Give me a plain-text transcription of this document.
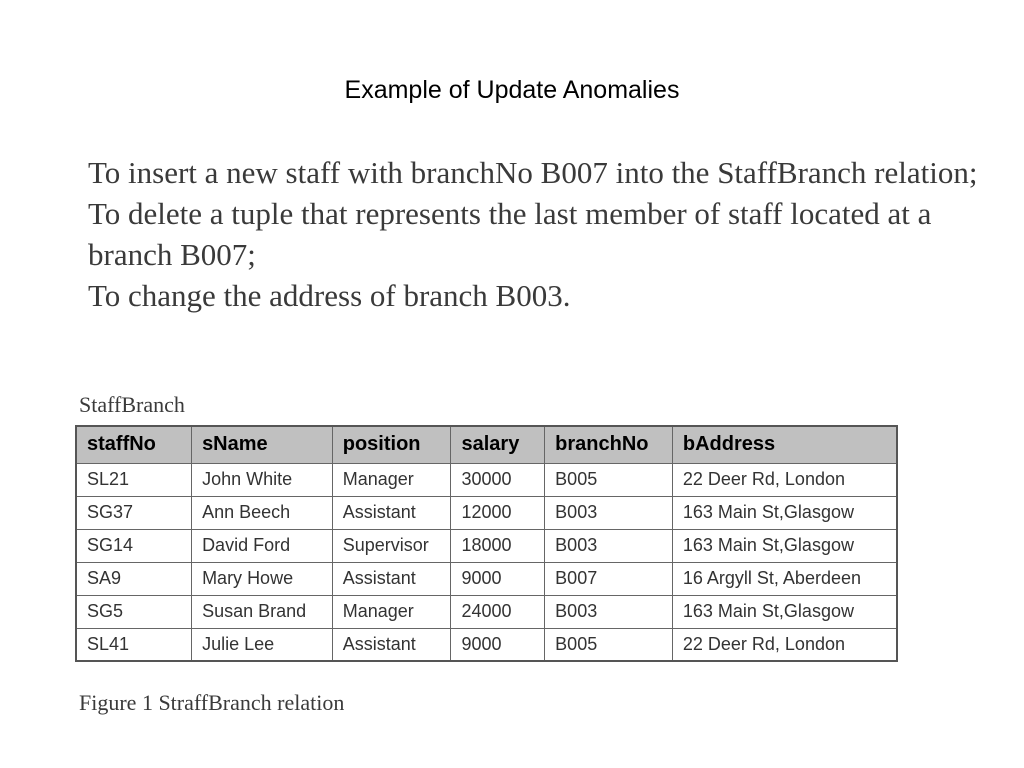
Example of Update Anomalies

To insert a new staff with branchNo B007 into the StaffBranch relation;

To delete a tuple that represents the last member of staff located at a branch B007;

To change the address of branch B003.

StaffBranch
staffNo	sName	position	salary	branchNo	bAddress
SL21	John White	Manager	30000	B005	22 Deer Rd, London
SG37	Ann Beech	Assistant	12000	B003	163 Main St,Glasgow
SG14	David Ford	Supervisor	18000	B003	163 Main St,Glasgow
SA9	Mary Howe	Assistant	9000	B007	16 Argyll St, Aberdeen
SG5	Susan Brand	Manager	24000	B003	163 Main St,Glasgow
SL41	Julie Lee	Assistant	9000	B005	22 Deer Rd, London
Figure 1 StraffBranch relation
